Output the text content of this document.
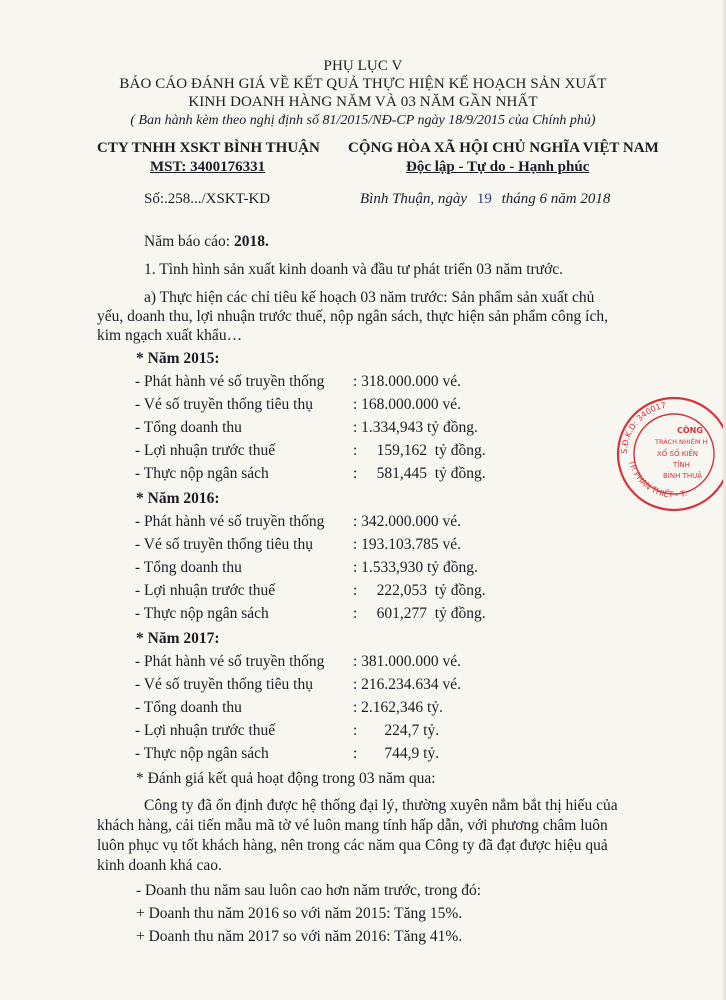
PHỤ LỤC V
BÁO CÁO ĐÁNH GIÁ VỀ KẾT QUẢ THỰC HIỆN KẾ HOẠCH SẢN XUẤT
KINH DOANH HÀNG NĂM VÀ 03 NĂM GẦN NHẤT
( Ban hành kèm theo nghị định số 81/2015/NĐ-CP ngày 18/9/2015 của Chính phủ)
CTY TNHH XSKT BÌNH THUẬN
MST: 3400176331
Số:.258.../XSKT-KD
CỘNG HÒA XÃ HỘI CHỦ NGHĨA VIỆT NAM
Độc lập - Tự do - Hạnh phúc
Bình Thuận, ngày 19 tháng 6 năm 2018
Năm báo cáo: 2018.
1. Tình hình sản xuất kinh doanh và đầu tư phát triển 03 năm trước.
a) Thực hiện các chỉ tiêu kế hoạch 03 năm trước: Sản phẩm sản xuất chủ
yếu, doanh thu, lợi nhuận trước thuế, nộp ngân sách, thực hiện sản phẩm công ích,
kim ngạch xuất khẩu…
* Năm 2015:
- Phát hành vé số truyền thống : 318.000.000 vé.
- Vé số truyền thống tiêu thụ	: 168.000.000 vé.
- Tổng doanh thu	: 1.334,943 tỷ đồng.
- Lợi nhuận trước thuế	:     159,162  tỷ đồng.
- Thực nộp ngân sách	:     581,445  tỷ đồng.
* Năm 2016:
- Phát hành vé số truyền thống : 342.000.000 vé.
- Vé số truyền thống tiêu thụ	: 193.103.785 vé.
- Tổng doanh thu	: 1.533,930 tỷ đồng.
- Lợi nhuận trước thuế	:     222,053  tỷ đồng.
- Thực nộp ngân sách	:     601,277  tỷ đồng.
* Năm 2017:
- Phát hành vé số truyền thống : 381.000.000 vé.
- Vé số truyền thống tiêu thụ	: 216.234.634 vé.
- Tổng doanh thu	: 2.162,346 tỷ.
- Lợi nhuận trước thuế	:       224,7 tỷ.
- Thực nộp ngân sách	:       744,9 tỷ.
* Đánh giá kết quả hoạt động trong 03 năm qua:
Công ty đã ổn định được hệ thống đại lý, thường xuyên nắm bắt thị hiếu của
khách hàng, cải tiến mẫu mã tờ vé luôn mang tính hấp dẫn, với phương châm luôn
luôn phục vụ tốt khách hàng, nên trong các năm qua Công ty đã đạt được hiệu quả
kinh doanh khá cao.
- Doanh thu năm sau luôn cao hơn năm trước, trong đó:
+ Doanh thu năm 2016 so với năm 2015: Tăng 15%.
+ Doanh thu năm 2017 so với năm 2016: Tăng 41%.
S.Đ.K.D: 340017
TP. PHAN THIẾT - T.
CÔNG
TRÁCH NHIỆM H
XỔ SỐ KIẾN
TỈNH
BÌNH THUẬ
